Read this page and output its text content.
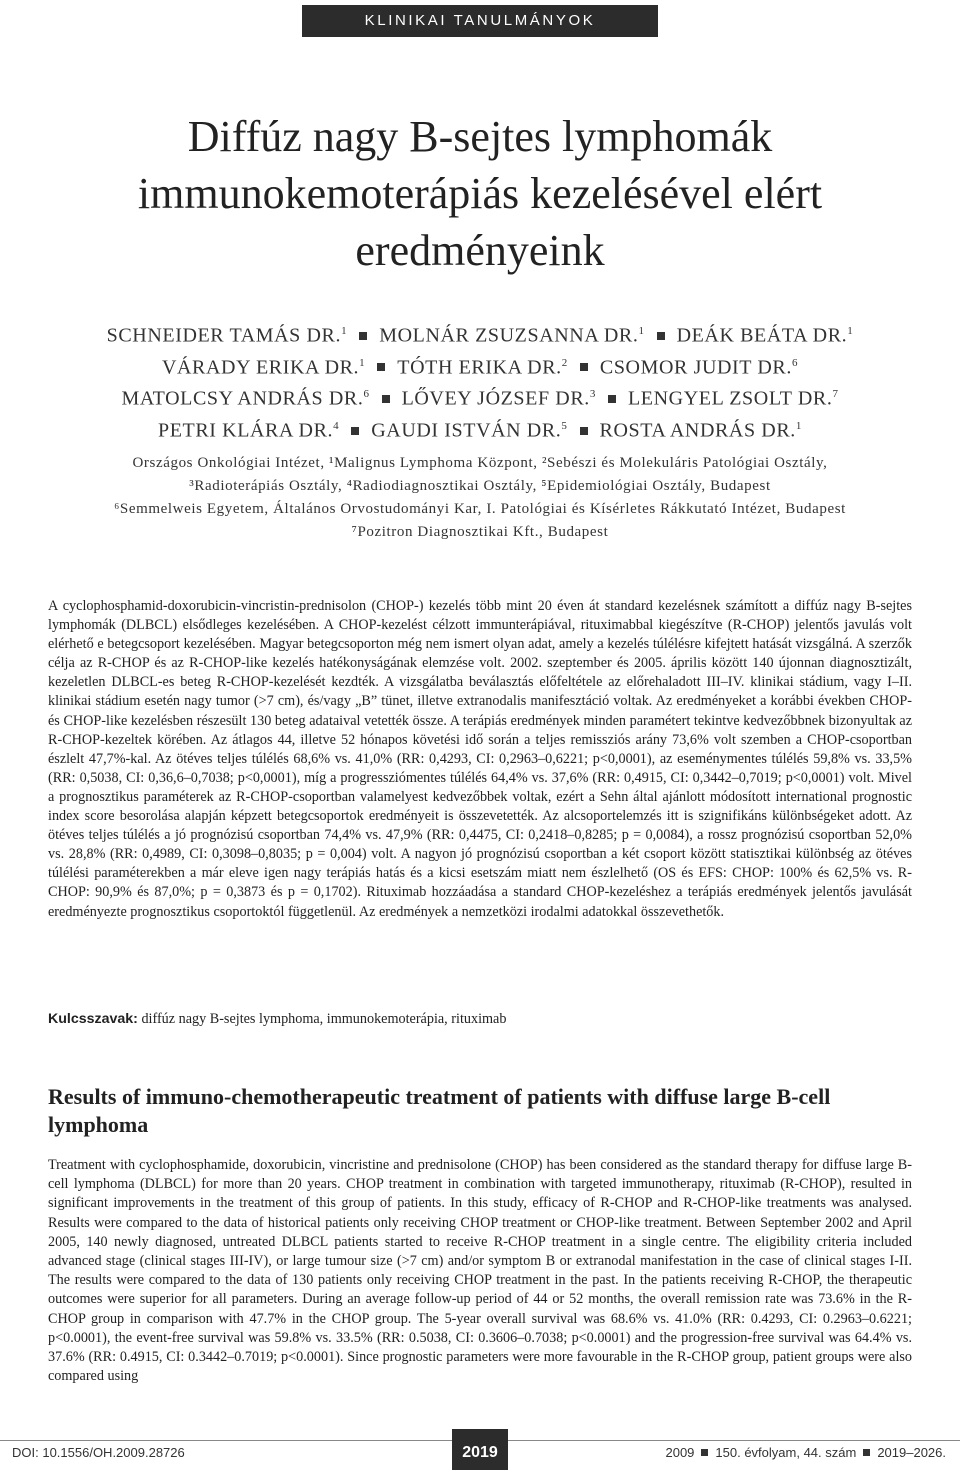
KLINIKAI TANULMÁNYOK
Diffúz nagy B-sejtes lymphomák
immunokemoterápiás kezelésével elért
eredményeink
SCHNEIDER TAMÁS DR.$^1$ MOLNÁR ZSUZSANNA DR.$^1$ DEÁK BEÁTA DR.$^1$
VÁRADY ERIKA DR.$^1$ TÓTH ERIKA DR.$^2$ CSOMOR JUDIT DR.$^6$
MATOLCSY ANDRÁS DR.$^6$ LŐVEY JÓZSEF DR.$^3$ LENGYEL ZSOLT DR.$^7$
PETRI KLÁRA DR.$^4$ GAUDI ISTVÁN DR.$^5$ ROSTA ANDRÁS DR.$^1$
Országos Onkológiai Intézet, ¹Malignus Lymphoma Központ, ²Sebészi és Molekuláris Patológiai Osztály,
³Radioterápiás Osztály, ⁴Radiodiagnosztikai Osztály, ⁵Epidemiológiai Osztály, Budapest
⁶Semmelweis Egyetem, Általános Orvostudományi Kar, I. Patológiai és Kísérletes Rákkutató Intézet, Budapest
⁷Pozitron Diagnosztikai Kft., Budapest

A cyclophosphamid-doxorubicin-vincristin-prednisolon (CHOP-) kezelés több mint 20 éven át standard kezelésnek számított a diffúz nagy B-sejtes lymphomák (DLBCL) elsődleges kezelésében. A CHOP-kezelést célzott immunterápiával, rituximabbal kiegészítve (R-CHOP) jelentős javulás volt elérhető e betegcsoport kezelésében. Magyar betegcsoporton még nem ismert olyan adat, amely a kezelés túlélésre kifejtett hatását vizsgálná. A szerzők célja az R-CHOP és az R-CHOP-like kezelés hatékonyságának elemzése volt. 2002. szeptember és 2005. április között 140 újonnan diagnosztizált, kezeletlen DLBCL-es beteg R-CHOP-kezelését kezdték. A vizsgálatba beválasztás előfeltétele az előrehaladott III–IV. klinikai stádium, vagy I–II. klinikai stádium esetén nagy tumor (>7 cm), és/vagy „B” tünet, illetve extranodalis manifesztáció voltak. Az eredményeket a korábbi években CHOP- és CHOP-like kezelésben részesült 130 beteg adataival vetették össze. A terápiás eredmények minden paramétert tekintve kedvezőbbnek bizonyultak az R-CHOP-kezeltek körében. Az átlagos 44, illetve 52 hónapos követési idő során a teljes remissziós arány 73,6% volt szemben a CHOP-csoportban észlelt 47,7%-kal. Az ötéves teljes túlélés 68,6% vs. 41,0% (RR: 0,4293, CI: 0,2963–0,6221; p<0,0001), az eseménymentes túlélés 59,8% vs. 33,5% (RR: 0,5038, CI: 0,36,6–0,7038; p<0,0001), míg a progressziómentes túlélés 64,4% vs. 37,6% (RR: 0,4915, CI: 0,3442–0,7019; p<0,0001) volt. Mivel a prognosztikus paraméterek az R-CHOP-csoportban valamelyest kedvezőbbek voltak, ezért a Sehn által ajánlott módosított international prognostic index score besorolása alapján képzett betegcsoportok eredményeit is összevetették. Az alcsoportelemzés itt is szignifikáns különbségeket adott. Az ötéves teljes túlélés a jó prognózisú csoportban 74,4% vs. 47,9% (RR: 0,4475, CI: 0,2418–0,8285; p = 0,0084), a rossz prognózisú csoportban 52,0% vs. 28,8% (RR: 0,4989, CI: 0,3098–0,8035; p = 0,004) volt. A nagyon jó prognózisú csoportban a két csoport között statisztikai különbség az ötéves túlélési paraméterekben a már eleve igen nagy terápiás hatás és a kicsi esetszám miatt nem észlelhető (OS és EFS: CHOP: 100% és 62,5% vs. R-CHOP: 90,9% és 87,0%; p = 0,3873 és p = 0,1702). Rituximab hozzáadása a standard CHOP-kezeléshez a terápiás eredmények jelentős javulását eredményezte prognosztikus csoportoktól függetlenül. Az eredmények a nemzetközi irodalmi adatokkal összevethetők.

Kulcsszavak: diffúz nagy B-sejtes lymphoma, immunokemoterápia, rituximab

Results of immuno-chemotherapeutic treatment of patients with diffuse large B-cell lymphoma

Treatment with cyclophosphamide, doxorubicin, vincristine and prednisolone (CHOP) has been considered as the standard therapy for diffuse large B-cell lymphoma (DLBCL) for more than 20 years. CHOP treatment in combination with targeted immunotherapy, rituximab (R-CHOP), resulted in significant improvements in the treatment of this group of patients. In this study, efficacy of R-CHOP and R-CHOP-like treatments was analysed. Results were compared to the data of historical patients only receiving CHOP treatment or CHOP-like treatment. Between September 2002 and April 2005, 140 newly diagnosed, untreated DLBCL patients started to receive R-CHOP treatment in a single centre. The eligibility criteria included advanced stage (clinical stages III-IV), or large tumour size (>7 cm) and/or symptom B or extranodal manifestation in the case of clinical stages I-II. The results were compared to the data of 130 patients only receiving CHOP treatment in the past. In the patients receiving R-CHOP, the therapeutic outcomes were superior for all parameters. During an average follow-up period of 44 or 52 months, the overall remission rate was 73.6% in the R-CHOP group in comparison with 47.7% in the CHOP group. The 5-year overall survival was 68.6% vs. 41.0% (RR: 0.4293, CI: 0.2963–0.6221; p<0.0001), the event-free survival was 59.8% vs. 33.5% (RR: 0.5038, CI: 0.3606–0.7038; p<0.0001) and the progression-free survival was 64.4% vs. 37.6% (RR: 0.4915, CI: 0.3442–0.7019; p<0.0001). Since prognostic parameters were more favourable in the R-CHOP group, patient groups were also compared using

DOI: 10.1556/OH.2009.28726	2019	2009 150. évfolyam, 44. szám 2019–2026.
